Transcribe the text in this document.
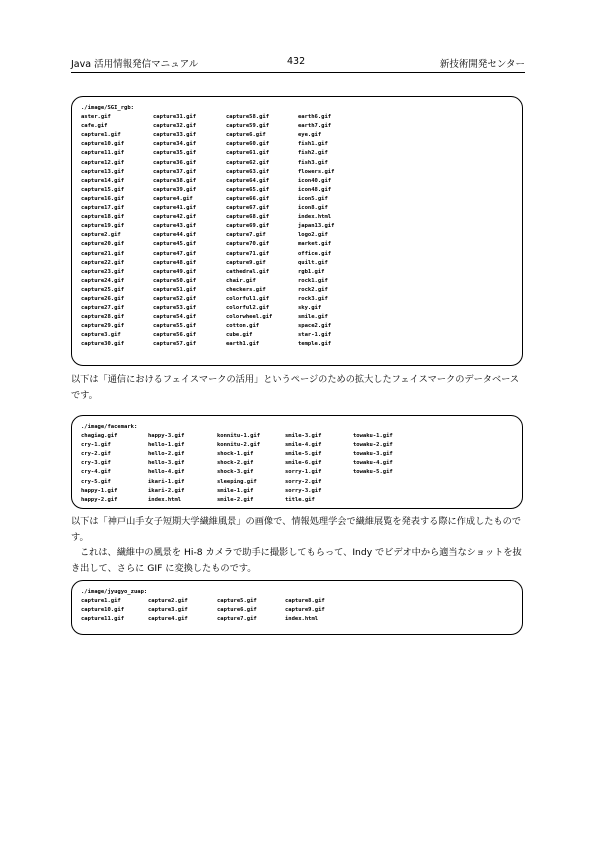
Java 活用情報発信マニュアル	432	新技術開発センター
./image/SGI_rgb:
aster.gif
cafe.gif
capture1.gif
capture10.gif
capture11.gif
capture12.gif
capture13.gif
capture14.gif
capture15.gif
capture16.gif
capture17.gif
capture18.gif
capture19.gif
capture2.gif
capture20.gif
capture21.gif
capture22.gif
capture23.gif
capture24.gif
capture25.gif
capture26.gif
capture27.gif
capture28.gif
capture29.gif
capture3.gif
capture30.gif
capture31.gif
capture32.gif
capture33.gif
capture34.gif
capture35.gif
capture36.gif
capture37.gif
capture38.gif
capture39.gif
capture4.gif
capture41.gif
capture42.gif
capture43.gif
capture44.gif
capture45.gif
capture47.gif
capture48.gif
capture49.gif
capture50.gif
capture51.gif
capture52.gif
capture53.gif
capture54.gif
capture55.gif
capture56.gif
capture57.gif
capture58.gif
capture59.gif
capture6.gif
capture60.gif
capture61.gif
capture62.gif
capture63.gif
capture64.gif
capture65.gif
capture66.gif
capture67.gif
capture68.gif
capture69.gif
capture7.gif
capture70.gif
capture71.gif
capture9.gif
cathedral.gif
chair.gif
checkers.gif
colorful1.gif
colorful2.gif
colorwheel.gif
cotton.gif
cube.gif
earth1.gif
earth6.gif
earth7.gif
eye.gif
fish1.gif
fish2.gif
fish3.gif
flowers.gif
icon40.gif
icon48.gif
icon5.gif
icon8.gif
index.html
japan13.gif
logo2.gif
market.gif
office.gif
quilt.gif
rgb1.gif
rock1.gif
rock2.gif
rock3.gif
sky.gif
smile.gif
space2.gif
star-1.gif
temple.gif

以下は「通信におけるフェイスマークの活用」というページのための拡大したフェイスマークのデータベースです。

./image/facemark:
chagiag.gif
cry-1.gif
cry-2.gif
cry-3.gif
cry-4.gif
cry-5.gif
happy-1.gif
happy-2.gif
happy-3.gif
hello-1.gif
hello-2.gif
hello-3.gif
hello-4.gif
ikari-1.gif
ikari-2.gif
index.html
konnitu-1.gif
konnitu-2.gif
shock-1.gif
shock-2.gif
shock-3.gif
sleeping.gif
smile-1.gif
smile-2.gif
smile-3.gif
smile-4.gif
smile-5.gif
smile-6.gif
sorry-1.gif
sorry-2.gif
sorry-3.gif
title.gif
towaku-1.gif
towaku-2.gif
towaku-3.gif
towaku-4.gif
towaku-5.gif

以下は「神戸山手女子短期大学繊維風景」の画像で、情報処理学会で繊維展覧を発表する際に作成したものです。

これは、繊維中の風景を Hi-8 カメラで助手に撮影してもらって、Indy でビデオ中から適当なショットを抜き出して、さらに GIF に変換したものです。

./image/jyugyo_zuap:
capture1.gif
capture10.gif
capture11.gif
capture2.gif
capture3.gif
capture4.gif
capture5.gif
capture6.gif
capture7.gif
capture8.gif
capture9.gif
index.html
